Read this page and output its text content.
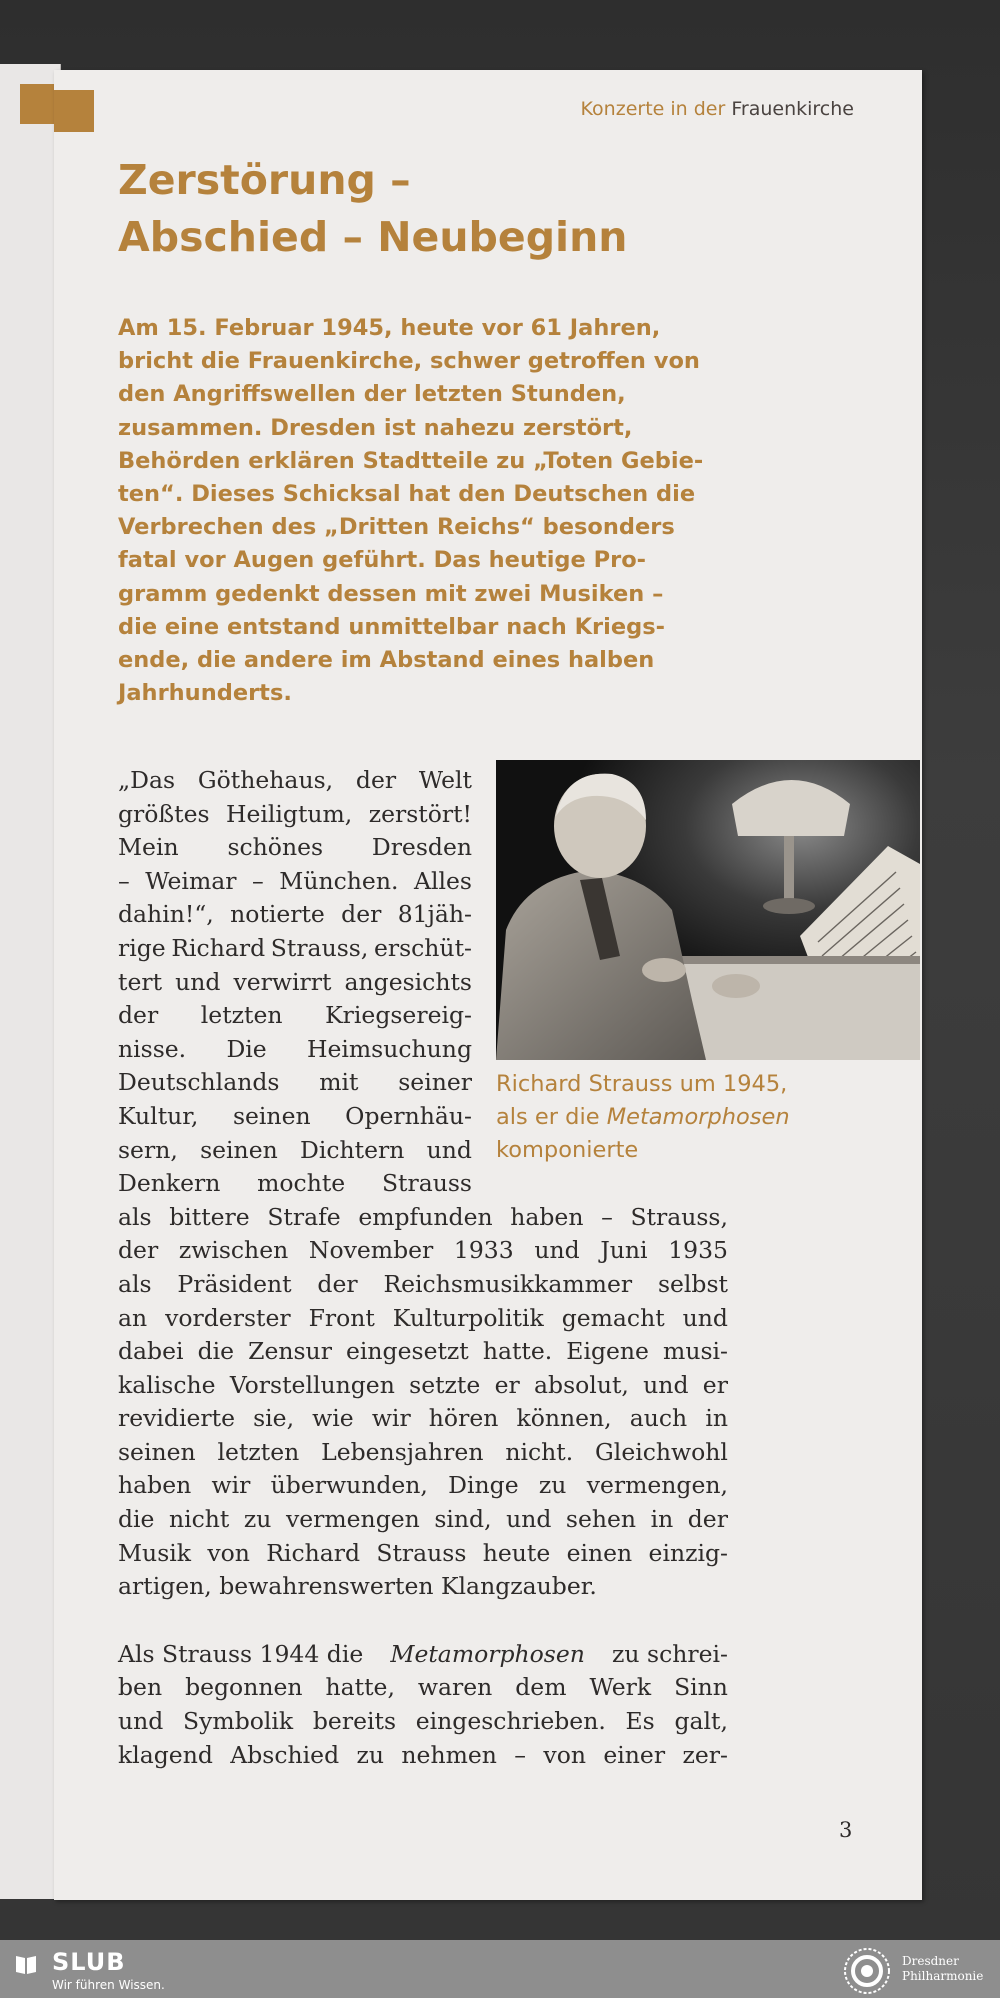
Konzerte in der Frauenkirche
Zerstörung –
Abschied – Neubeginn
Am 15. Februar 1945, heute vor 61 Jahren,
bricht die Frauenkirche, schwer getroffen von
den Angriffswellen der letzten Stunden,
zusammen. Dresden ist nahezu zerstört,
Behörden erklären Stadtteile zu „Toten Gebie-
ten“. Dieses Schicksal hat den Deutschen die
Verbrechen des „Dritten Reichs“ besonders
fatal vor Augen geführt. Das heutige Pro-
gramm gedenkt dessen mit zwei Musiken –
die eine entstand unmittelbar nach Kriegs-
ende, die andere im Abstand eines halben
Jahrhunderts.
Richard Strauss um 1945,
als er die Metamorphosen
komponierte
„Das Göthehaus, der Welt
größtes Heiligtum, zerstört!
Mein schönes Dresden
– Weimar – München. Alles
dahin!“, notierte der 81jäh-
rige Richard Strauss, erschüt-
tert und verwirrt angesichts
der letzten Kriegsereig-
nisse. Die Heimsuchung
Deutschlands mit seiner
Kultur, seinen Opernhäu-
sern, seinen Dichtern und
Denkern mochte Strauss
als bittere Strafe empfunden haben – Strauss,
der zwischen November 1933 und Juni 1935
als Präsident der Reichsmusikkammer selbst
an vorderster Front Kulturpolitik gemacht und
dabei die Zensur eingesetzt hatte. Eigene musi-
kalische Vorstellungen setzte er absolut, und er
revidierte sie, wie wir hören können, auch in
seinen letzten Lebensjahren nicht. Gleichwohl
haben wir überwunden, Dinge zu vermengen,
die nicht zu vermengen sind, und sehen in der
Musik von Richard Strauss heute einen einzig-
artigen, bewahrenswerten Klangzauber.
Als Strauss 1944 die Metamorphosen zu schrei-
ben begonnen hatte, waren dem Werk Sinn
und Symbolik bereits eingeschrieben. Es galt,
klagend Abschied zu nehmen – von einer zer-
3
SLUB
Wir führen Wissen.
Dresdner
Philharmonie
